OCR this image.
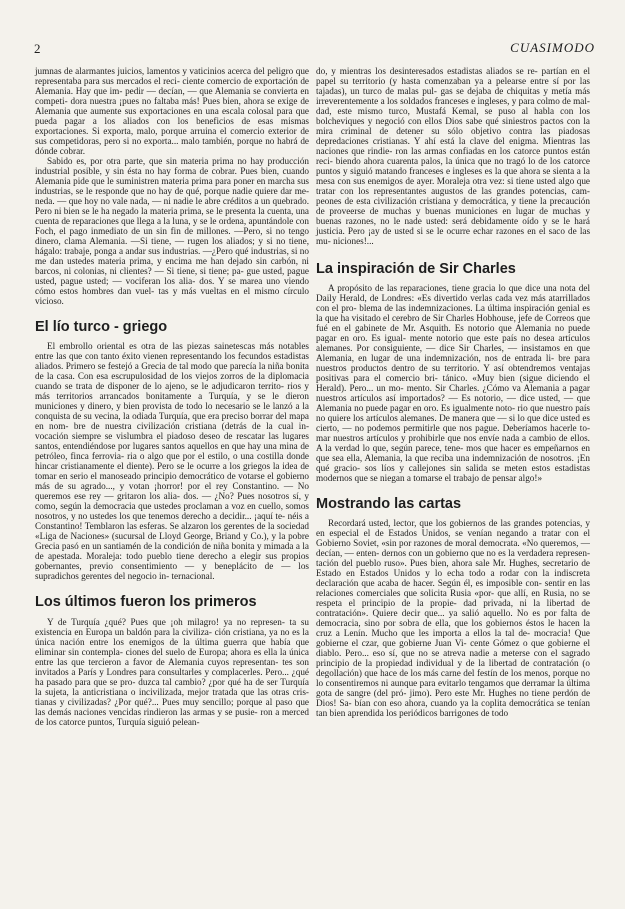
2	CUASIMODO

jumnas de alarmantes juicios, lamentos y vaticinios acerca del peligro que representaba para sus mercados el reci- ciente comercio de exportación de Alemania. Hay que im- pedir — decían, — que Alemania se convierta en competi- dora nuestra ¡pues no faltaba más! Pues bien, ahora se exige de Alemania que aumente sus exportaciones en una escala colosal para que pueda pagar a los aliados con los beneficios de esas mismas exportaciones. Si exporta, malo, porque arruina el comercio exterior de sus competidoras, pero si no exporta... malo también, porque no habrá de dónde cobrar.

Sabido es, por otra parte, que sin materia prima no hay producción industrial posible, y sin ésta no hay forma de cobrar. Pues bien, cuando Alemania pide que le suministren materia prima para poner en marcha sus industrias, se le responde que no hay de qué, porque nadie quiere dar me- neda. — que hoy no vale nada, — ni nadie le abre créditos a un quebrado. Pero ni bien se le ha negado la materia prima, se le presenta la cuenta, una cuenta de reparaciones que llega a la luna, y se le ordena, apuntándole con Foch, el pago inmediato de un sin fin de millones. —Pero, si no tengo dinero, clama Alemania. —Si tiene, — rugen los aliados; y si no tiene, hágalo: trabaje, ponga a andar sus industrias. —¿Pero qué industrias, si no me dan ustedes materia prima, y encima me han dejado sin carbón, ni barcos, ni colonias, ni clientes? — Si tiene, si tiene; pa- gue usted, pague usted, pague usted; — vociferan los alia- dos. Y se marea uno viendo cómo estos hombres dan vuel- tas y más vueltas en el mismo círculo vicioso.

El lío turco - griego

El embrollo oriental es otra de las piezas sainetescas más notables entre las que con tanto éxito vienen representando los fecundos estadistas aliados. Primero se festejó a Grecia de tal modo que parecía la niña bonita de la casa. Con esa escrupulosidad de los viejos zorros de la diplomacia cuando se trata de disponer de lo ajeno, se le adjudicaron territo- rios y más territorios arrancados bonitamente a Turquía, y se le dieron municiones y dinero, y bien provista de todo lo necesario se le lanzó a la conquista de su vecina, la odiada Turquía, que era preciso borrar del mapa en nom- bre de nuestra civilización cristiana (detrás de la cual in- vocación siempre se vislumbra el piadoso deseo de rescatar las lugares santos, entendiéndose por lugares santos aquellos en que hay una mina de petróleo, finca ferrovia- ria o algo que por el estilo, o una costilla donde hincar cristianamente el diente). Pero se le ocurre a los griegos la idea de tomar en serio el manoseado principio democrático de votarse el gobierno más de su agrado..., y votan ¡horror! por el rey Constantino. — No queremos ese rey — gritaron los alia- dos. — ¿No? Pues nosotros sí, y como, según la democracia que ustedes proclaman a voz en cuello, somos nosotros, y no ustedes los que tenemos derecho a decidir... ¡aquí te- néis a Constantino! Temblaron las esferas. Se alzaron los gerentes de la sociedad «Liga de Naciones» (sucursal de Lloyd George, Briand y Co.), y la pobre Grecia pasó en un santiamén de la condición de niña bonita y mimada a la de apestada. Moraleja: todo pueblo tiene derecho a elegir sus propios gobernantes, previo consentimiento — y beneplácito de — los supradichos gerentes del negocio in- ternacional.

Los últimos fueron los primeros

Y de Turquía ¿qué? Pues que ¡oh milagro! ya no represen- ta su existencia en Europa un baldón para la civiliza- ción cristiana, ya no es la única nación entre los enemigos de la última guerra que había que eliminar sin contempla- ciones del suelo de Europa; ahora es ella la única entre las que tercieron a favor de Alemania cuyos representan- tes son invitados a París y Londres para consultarles y complacerles. Pero... ¿qué ha pasado para que se pro- duzca tal cambio? ¿por qué ha de ser Turquía la sujeta, la anticristiana o incivilizada, mejor tratada que las otras cris- tianas y civilizadas? ¿Por qué?... Pues muy sencillo; porque al paso que las demás naciones vencidas rindieron las armas y se pusie- ron a merced de los catorce puntos, Turquía siguió pelean-

do, y mientras los desinteresados estadistas aliados se re- partían en el papel su territorio (y hasta comenzaban ya a pelearse entre sí por las tajadas), un turco de malas pul- gas se dejaba de chiquitas y metía más irreverentemente a los soldados franceses e ingleses, y para colmo de mal- dad, este mismo turco, Mustafá Kemal, se puso al habla con los bolcheviques y negoció con ellos Dios sabe qué siniestros pactos con la mira criminal de detener su sólo objetivo contra las piadosas depredaciones cristianas. Y ahí está la clave del enigma. Mientras las naciones que rindie- ron las armas confiadas en los catorce puntos están reci- biendo ahora cuarenta palos, la única que no tragó lo de los catorce puntos y siguió matando franceses e ingleses es la que ahora se sienta a la mesa con sus enemigos de ayer. Moraleja otra vez: si tiene usted algo que tratar con los representantes augustos de las grandes potencias, cam- peones de esta civilización cristiana y democrática, y tiene la precaución de proveerse de muchas y buenas municiones en lugar de muchas y buenas razones, no le nade usted: será debidamente oído y se le hará justicia. Pero ¡ay de usted si se le ocurre echar razones en el saco de las mu- niciones!...

La inspiración de Sir Charles

A propósito de las reparaciones, tiene gracia lo que dice una nota del Daily Herald, de Londres: «Es divertido verlas cada vez más atarrillados con el pro- blema de las indemnizaciones. La última inspiración genial es la que ha visitado el cerebro de Sir Charles Hobhouse, jefe de Correos que fué en el gabinete de Mr. Asquith. Es notorio que Alemania no puede pagar en oro. Es igual- mente notorio que este país no desea artículos alemanes. Por consiguiente, — dice Sir Charles, — insistamos en que Alemania, en lugar de una indemnización, nos de entrada li- bre para nuestros productos dentro de su territorio. Y así obtendremos ventajas positivas para el comercio bri- tánico. «Muy bien (sigue diciendo el Herald). Pero... un mo- mento. Sir Charles. ¿Cómo va Alemania a pagar nuestros artículos así importados? — Es notorio, — dice usted, — que Alemania no puede pagar en oro. Es igualmente noto- rio que nuestro país no quiere los artículos alemanes. De manera que — si lo que dice usted es cierto, — no podemos permitirle que nos pague. Deberíamos hacerle to- mar nuestros artículos y prohibirle que nos envíe nada a cambio de ellos. A la verdad lo que, según parece, tene- mos que hacer es empeñarnos en que sea ella, Alemania, la que reciba una indemnización de nosotros. ¡En qué gracio- sos líos y callejones sin salida se meten estos estadistas modernos que se niegan a tomarse el trabajo de pensar algo!»

Mostrando las cartas

Recordará usted, lector, que los gobiernos de las grandes potencias, y en especial el de Estados Unidos, se venían negando a tratar con el Gobierno Soviet, «sin por razones de moral democrata. «No queremos, — decían, — enten- dernos con un gobierno que no es la verdadera represen- tación del pueblo ruso». Pues bien, ahora sale Mr. Hughes, secretario de Estado en Estados Unidos y lo echa todo a rodar con la indiscreta declaración que acaba de hacer. Según él, es imposible con- sentir en las relaciones comerciales que solicita Rusia «por- que allí, en Rusia, no se respeta el principio de la propie- dad privada, ni la libertad de contratación». Quiere decir que... ya salió aquello. No es por falta de democracia, sino por sobra de ella, que los gobiernos éstos le hacen la cruz a Lenín. Mucho que les importa a ellos la tal de- mocracia! Que gobierne el czar, que gobierne Juan Vi- cente Gómez o que gobierne el diablo. Pero... eso sí, que no se atreva nadie a meterse con el sagrado principio de la propiedad individual y de la libertad de contratación (o degollación) que hace de los más carne del festín de los menos, porque no lo consentiremos ni aunque para evitarlo tengamos que derramar la última gota de sangre (del pró- jimo). Pero este Mr. Hughes no tiene perdón de Dios! Sa- bían con eso ahora, cuando ya la coplita democrática se tenían tan bien aprendida los periódicos barrigones de todo
